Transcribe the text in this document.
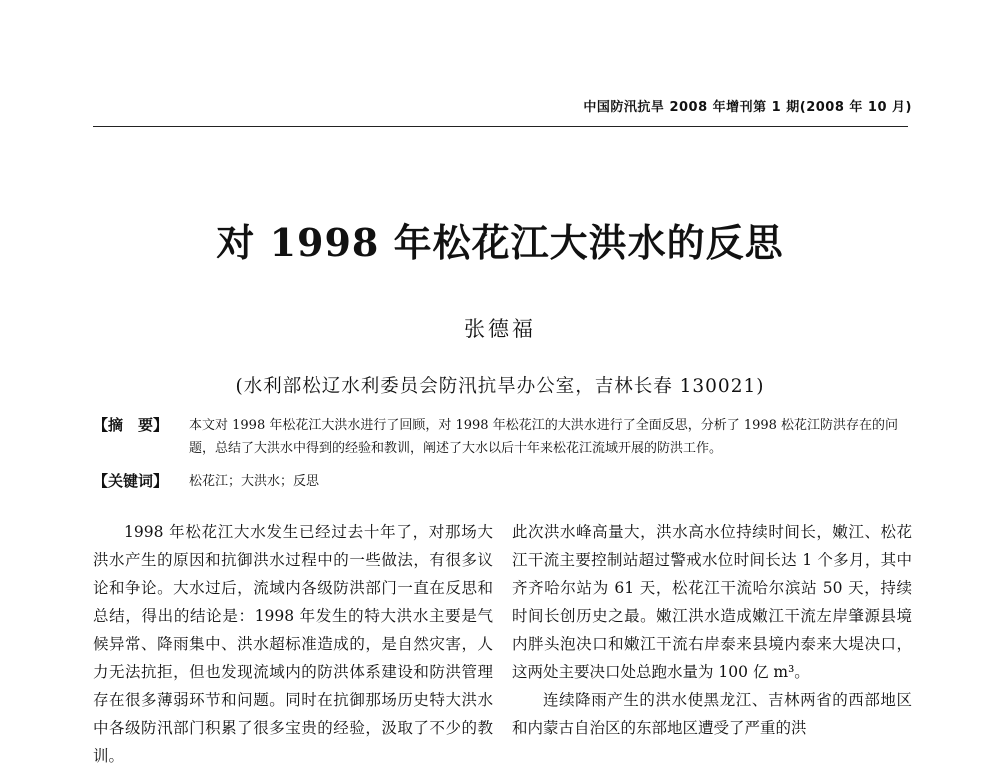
中国防汛抗旱 2008 年增刊第 1 期(2008 年 10 月)
对 1998 年松花江大洪水的反思
张德福
(水利部松辽水利委员会防汛抗旱办公室，吉林长春 130021)
【摘　要】 本文对 1998 年松花江大洪水进行了回顾，对 1998 年松花江的大洪水进行了全面反思，分析了 1998 松花江防洪存在的问题，总结了大洪水中得到的经验和教训，阐述了大水以后十年来松花江流域开展的防洪工作。
【关键词】 松花江；大洪水；反思

1998 年松花江大水发生已经过去十年了，对那场大洪水产生的原因和抗御洪水过程中的一些做法，有很多议论和争论。大水过后，流域内各级防洪部门一直在反思和总结，得出的结论是：1998 年发生的特大洪水主要是气候异常、降雨集中、洪水超标准造成的，是自然灾害，人力无法抗拒，但也发现流域内的防洪体系建设和防洪管理存在很多薄弱环节和问题。同时在抗御那场历史特大洪水中各级防汛部门积累了很多宝贵的经验，汲取了不少的教训。

此次洪水峰高量大，洪水高水位持续时间长，嫩江、松花江干流主要控制站超过警戒水位时间长达 1 个多月，其中齐齐哈尔站为 61 天，松花江干流哈尔滨站 50 天，持续时间长创历史之最。嫩江洪水造成嫩江干流左岸肇源县境内胖头泡决口和嫩江干流右岸泰来县境内泰来大堤决口，这两处主要决口处总跑水量为 100 亿 m³。

连续降雨产生的洪水使黑龙江、吉林两省的西部地区和内蒙古自治区的东部地区遭受了严重的洪
